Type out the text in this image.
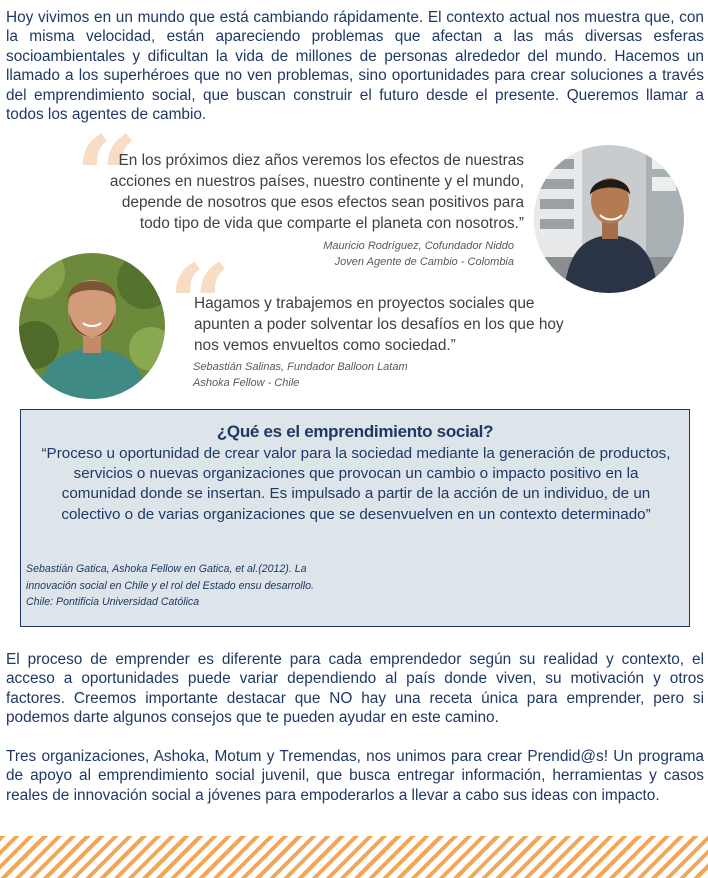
Hoy vivimos en un mundo que está cambiando rápidamente. El contexto actual nos muestra que, con la misma velocidad, están apareciendo problemas que afectan a las más diversas esferas socioambientales y dificultan la vida de millones de personas alrededor del mundo. Hacemos un llamado a los superhéroes que no ven problemas, sino oportunidades para crear soluciones a través del emprendimiento social, que buscan construir el futuro desde el presente. Queremos llamar a todos los agentes de cambio.

“

En los próximos diez años veremos los efectos de nuestras acciones en nuestros países, nuestro continente y el mundo, depende de nosotros que esos efectos sean positivos para todo tipo de vida que comparte el planeta con nosotros.”

Mauricio Rodríguez, Cofundador Niddo
Joven Agente de Cambio - Colombia
“

Hagamos y trabajemos en proyectos sociales que apunten a poder solventar los desafíos en los que hoy nos vemos envueltos como sociedad.”

Sebastián Salinas, Fundador Balloon Latam
Ashoka Fellow - Chile
¿Qué es el emprendimiento social?

“Proceso u oportunidad de crear valor para la sociedad mediante la generación de productos, servicios o nuevas organizaciones que provocan un cambio o impacto positivo en la comunidad donde se insertan. Es impulsado a partir de la acción de un individuo, de un colectivo o de varias organizaciones que se desenvuelven en un contexto determinado”

Sebastián Gatica, Ashoka Fellow en Gatica, et al.(2012). La
innovación social en Chile y el rol del Estado ensu desarrollo.
Chile: Pontificia Universidad Católica

El proceso de emprender es diferente para cada emprendedor según su realidad y contexto, el acceso a oportunidades puede variar dependiendo al país donde viven, su motivación y otros factores. Creemos importante destacar que NO hay una receta única para emprender, pero si podemos darte algunos consejos que te pueden ayudar en este camino.

Tres organizaciones, Ashoka, Motum y Tremendas, nos unimos para crear Prendid@s! Un programa de apoyo al emprendimiento social juvenil, que busca entregar información, herramientas y casos reales de innovación social a jóvenes para empoderarlos a llevar a cabo sus ideas con impacto.
